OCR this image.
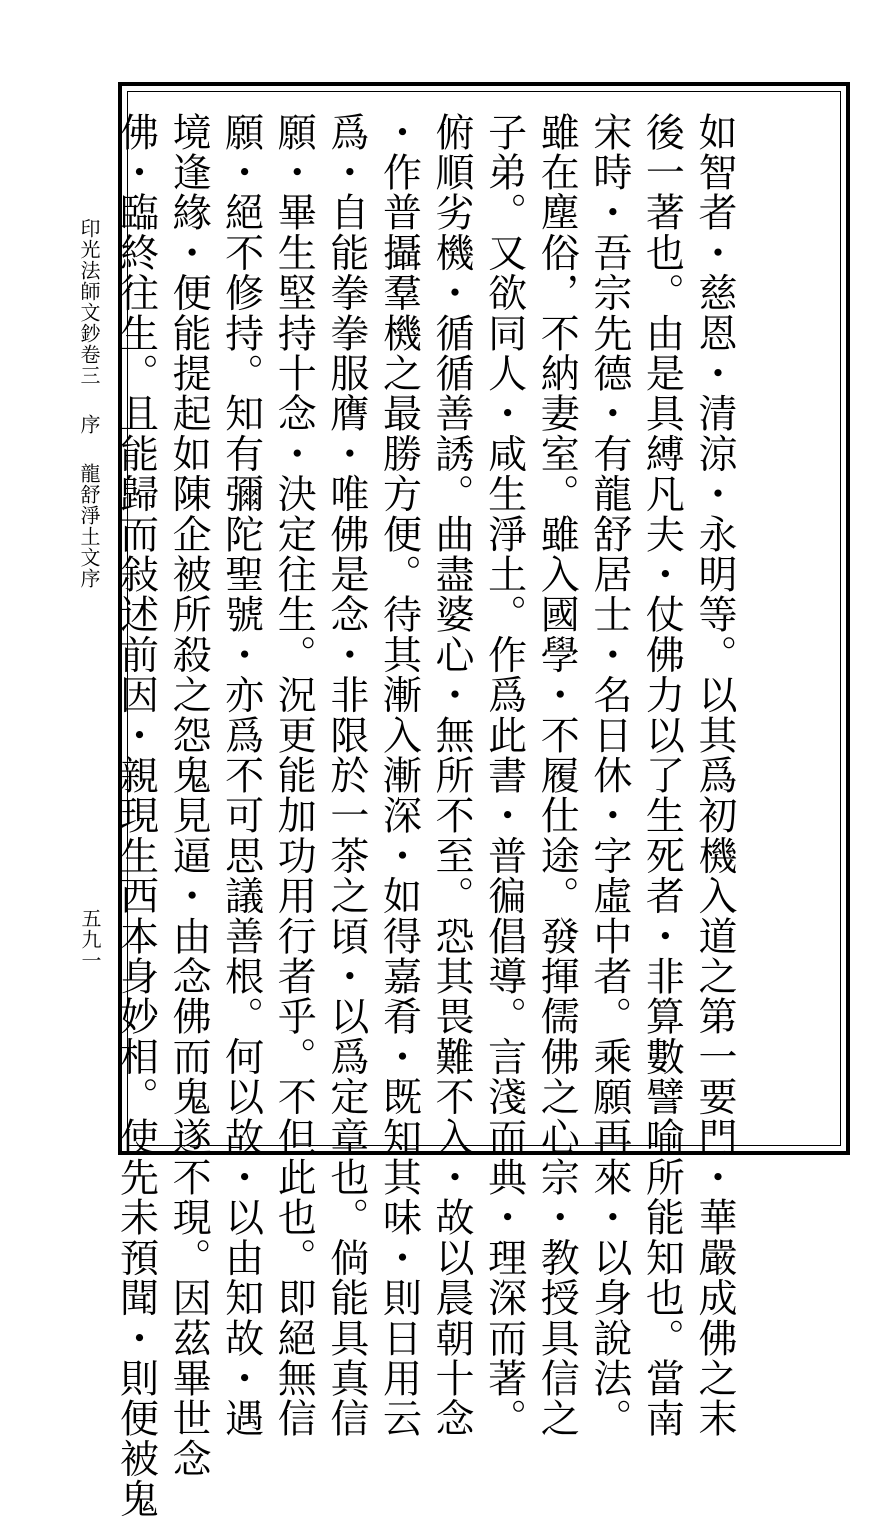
如智者・慈恩・清涼・永明等。以其爲初機入道之第一要門・華嚴成佛之末
後一著也。由是具縛凡夫・仗佛力以了生死者・非算數譬喻所能知也。當南
宋時・吾宗先德・有龍舒居士・名日休・字虛中者。乘願再來・以身說法。
雖在塵俗，不納妻室。雖入國學・不履仕途。發揮儒佛之心宗・教授具信之
子弟。又欲同人・咸生淨土。作爲此書・普徧倡導。言淺而典・理深而著。
俯順劣機・循循善誘。曲盡婆心・無所不至。恐其畏難不入・故以晨朝十念
・作普攝羣機之最勝方便。待其漸入漸深・如得嘉肴・既知其味・則日用云
爲・自能拳拳服膺・唯佛是念・非限於一茶之頃・以爲定章也。倘能具真信
願・畢生堅持十念・決定往生。況更能加功用行者乎。不但此也。即絕無信
願・絕不修持。知有彌陀聖號・亦爲不可思議善根。何以故・以由知故・遇
境逢緣・便能提起如陳企被所殺之怨鬼見逼・由念佛而鬼遂不現。因茲畢世念
佛・臨終往生。且能歸而敍述前因・親現生西本身妙相。使先未預聞・則便被鬼
印光法師文鈔卷三序龍舒淨土文序
五九一
